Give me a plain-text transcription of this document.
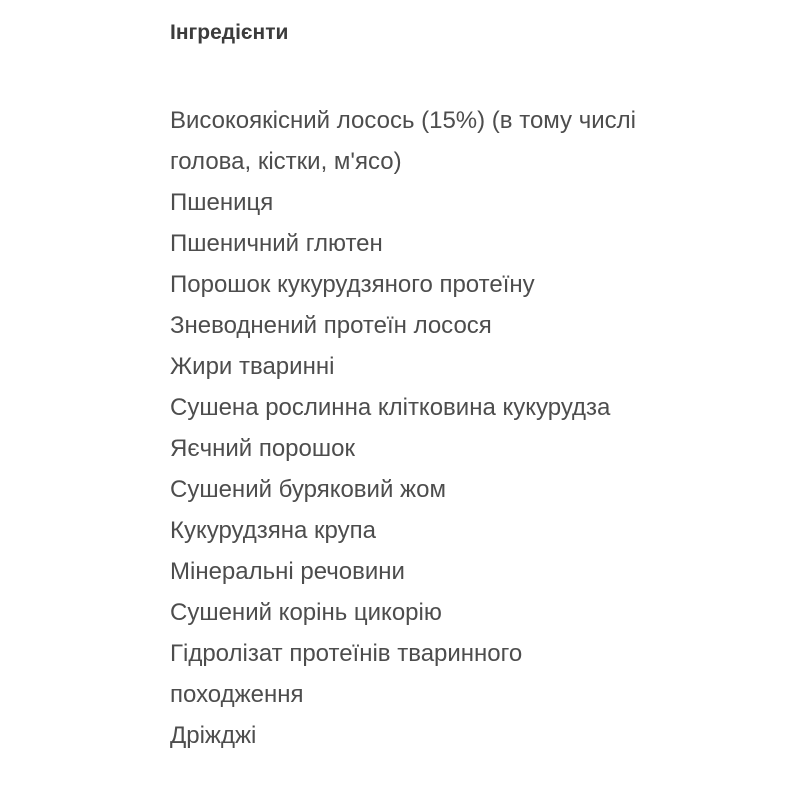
Інгредієнти
Високоякісний лосось (15%) (в тому числі голова, кістки, м'ясо)
Пшениця
Пшеничний глютен
Порошок кукурудзяного протеїну
Зневоднений протеїн лосося
Жири тваринні
Сушена рослинна клітковина кукурудза
Яєчний порошок
Сушений буряковий жом
Кукурудзяна крупа
Мінеральні речовини
Сушений корінь цикорію
Гідролізат протеїнів тваринного походження
Дріжджі
